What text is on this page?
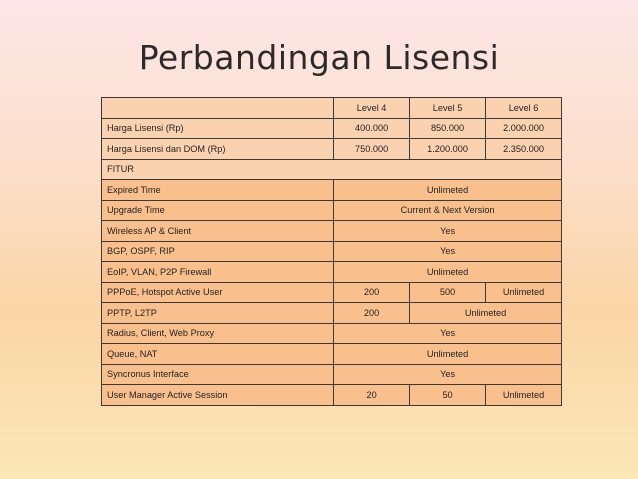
Perbandingan Lisensi
	Level 4	Level 5	Level 6
Harga Lisensi (Rp)	400.000	850.000	2.000.000
Harga Lisensi dan DOM (Rp)	750.000	1.200.000	2.350.000
FITUR			
Expired Time	Unlimeted		
Upgrade Time	Current & Next Version		
Wireless AP & Client	Yes		
BGP, OSPF, RIP	Yes		
EoIP, VLAN, P2P Firewall	Unlimeted		
PPPoE, Hotspot Active User	200	500	Unlimeted
PPTP, L2TP	200	Unlimeted	
Radius, Client, Web Proxy	Yes		
Queue, NAT	Unlimeted		
Syncronus Interface	Yes		
User Manager Active Session	20	50	Unlimeted
